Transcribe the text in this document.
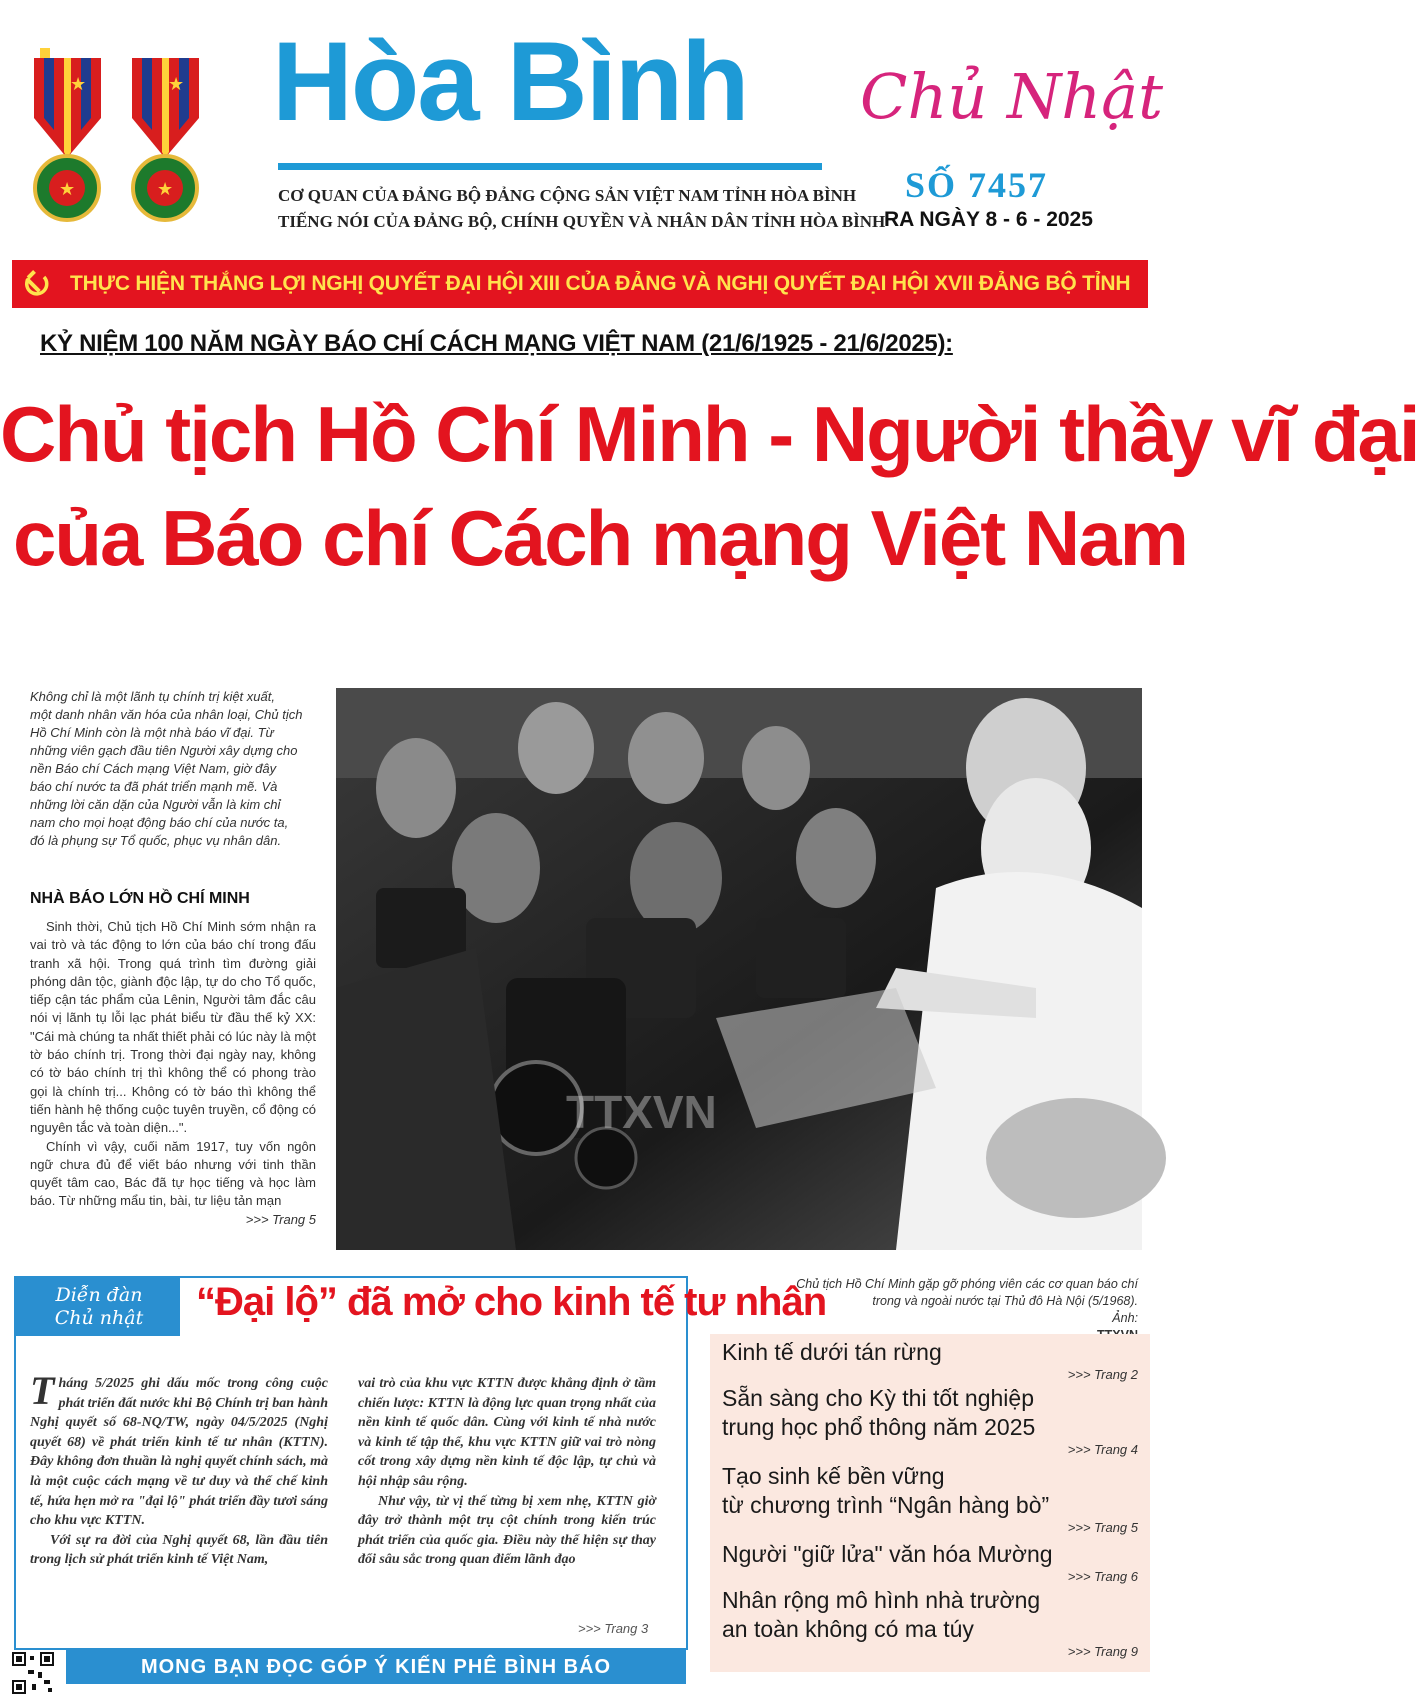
★
★
★
★
Hòa Bình
CƠ QUAN CỦA ĐẢNG BỘ ĐẢNG CỘNG SẢN VIỆT NAM TỈNH HÒA BÌNH
TIẾNG NÓI CỦA ĐẢNG BỘ, CHÍNH QUYỀN VÀ NHÂN DÂN TỈNH HÒA BÌNH
Chủ Nhật
SỐ 7457
RA NGÀY 8 - 6 - 2025
THỰC HIỆN THẮNG LỢI NGHỊ QUYẾT ĐẠI HỘI XIII CỦA ĐẢNG VÀ NGHỊ QUYẾT ĐẠI HỘI XVII ĐẢNG BỘ TỈNH
KỶ NIỆM 100 NĂM NGÀY BÁO CHÍ CÁCH MẠNG VIỆT NAM (21/6/1925 - 21/6/2025):
Chủ tịch Hồ Chí Minh - Người thầy vĩ đại
của Báo chí Cách mạng Việt Nam
Không chỉ là một lãnh tụ chính trị kiệt xuất,
một danh nhân văn hóa của nhân loại, Chủ tịch
Hồ Chí Minh còn là một nhà báo vĩ đại. Từ
những viên gạch đầu tiên Người xây dựng cho
nền Báo chí Cách mạng Việt Nam, giờ đây
báo chí nước ta đã phát triển mạnh mẽ. Và
những lời căn dặn của Người vẫn là kim chỉ
nam cho mọi hoạt động báo chí của nước ta,
đó là phụng sự Tổ quốc, phục vụ nhân dân.
NHÀ BÁO LỚN HỒ CHÍ MINH

Sinh thời, Chủ tịch Hồ Chí Minh sớm nhận ra vai trò và tác động to lớn của báo chí trong đấu tranh xã hội. Trong quá trình tìm đường giải phóng dân tộc, giành độc lập, tự do cho Tổ quốc, tiếp cận tác phẩm của Lênin, Người tâm đắc câu nói vị lãnh tụ lỗi lạc phát biểu từ đầu thế kỷ XX: "Cái mà chúng ta nhất thiết phải có lúc này là một tờ báo chính trị. Trong thời đại ngày nay, không có tờ báo chính trị thì không thể có phong trào gọi là chính trị... Không có tờ báo thì không thể tiến hành hệ thống cuộc tuyên truyền, cổ động có nguyên tắc và toàn diện...".

Chính vì vậy, cuối năm 1917, tuy vốn ngôn ngữ chưa đủ để viết báo nhưng với tinh thần quyết tâm cao, Bác đã tự học tiếng và học làm báo. Từ những mẩu tin, bài, tư liệu tản mạn

>>> Trang 5
TTXVN
Chủ tịch Hồ Chí Minh gặp gỡ phóng viên các cơ quan báo chí
trong và ngoài nước tại Thủ đô Hà Nội (5/1968).
Ảnh:
Diễn đàn
Chủ nhật	“Đại lộ” đã mở cho kinh tế tư nhân

Tháng 5/2025 ghi dấu mốc trong công cuộc phát triển đất nước khi Bộ Chính trị ban hành Nghị quyết số 68-NQ/TW, ngày 04/5/2025 (Nghị quyết 68) về phát triển kinh tế tư nhân (KTTN). Đây không đơn thuần là nghị quyết chính sách, mà là một cuộc cách mạng về tư duy và thể chế kinh tế, hứa hẹn mở ra "đại lộ" phát triển đầy tươi sáng cho khu vực KTTN.

Với sự ra đời của Nghị quyết 68, lần đầu tiên trong lịch sử phát triển kinh tế Việt Nam,

vai trò của khu vực KTTN được khẳng định ở tầm chiến lược: KTTN là động lực quan trọng nhất của nền kinh tế quốc dân. Cùng với kinh tế nhà nước và kinh tế tập thể, khu vực KTTN giữ vai trò nòng cốt trong xây dựng nền kinh tế độc lập, tự chủ và hội nhập sâu rộng.

Như vậy, từ vị thế từng bị xem nhẹ, KTTN giờ đây trở thành một trụ cột chính trong kiến trúc phát triển của quốc gia. Điều này thể hiện sự thay đổi sâu sắc trong quan điểm lãnh đạo

>>> Trang 3
MONG BẠN ĐỌC GÓP Ý KIẾN PHÊ BÌNH BÁO
Kinh tế dưới tán rừng
>>> Trang 2
Sẵn sàng cho Kỳ thi tốt nghiệp
trung học phổ thông năm 2025
>>> Trang 4
Tạo sinh kế bền vững
từ chương trình “Ngân hàng bò”
>>> Trang 5
Người "giữ lửa" văn hóa Mường
>>> Trang 6
Nhân rộng mô hình nhà trường
an toàn không có ma túy
>>> Trang 9
